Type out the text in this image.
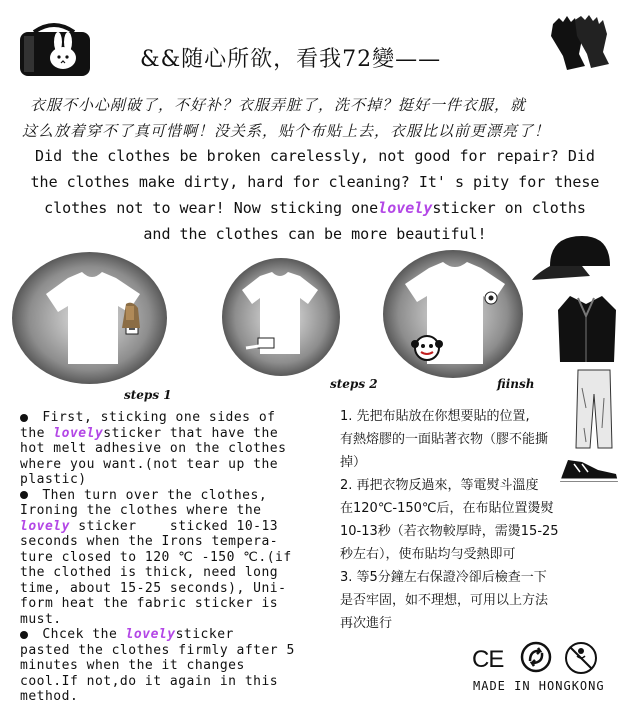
&&随心所欲，看我72變——
衣服不小心剐破了，不好补？衣服弄脏了，洗不掉？挺好一件衣服，就
这么放着穿不了真可惜啊！没关系，贴个布贴上去，衣服比以前更漂亮了！
Did the clothes be broken carelessly, not good for repair? Did
the clothes make dirty, hard for cleaning? It' s pity for these
clothes not to wear! Now sticking onelovelysticker on cloths
and the clothes can be more beautiful!
steps 1
steps 2	fiinsh
First, sticking one sides of
the lovelysticker that have the
hot melt adhesive on the clothes
where you want.(not tear up the
plastic)
Then turn over the clothes,
Ironing the clothes where the
lovely sticker    sticked 10-13
seconds when the Irons tempera-
ture closed to 120 ℃ -150 ℃.(if
the clothed is thick, need long
time, about 15-25 seconds), Uni-
form heat the fabric sticker is
must.
Chcek the lovelysticker
pasted the clothes firmly after 5
minutes when the it changes
cool.If not,do it again in this
method.
1. 先把布貼放在你想要貼的位置,
有熱熔膠的一面貼著衣物（膠不能撕
掉）
2. 再把衣物反過來，等電熨斗溫度
在120℃-150℃后，在布貼位置燙熨
10-13秒（若衣物較厚時，需燙15-25
秒左右），使布貼均勻受熱即可
3. 等5分鐘左右保證冷卻后檢查一下
是否牢固，如不理想，可用以上方法
再次進行
CE
MADE IN HONGKONG
